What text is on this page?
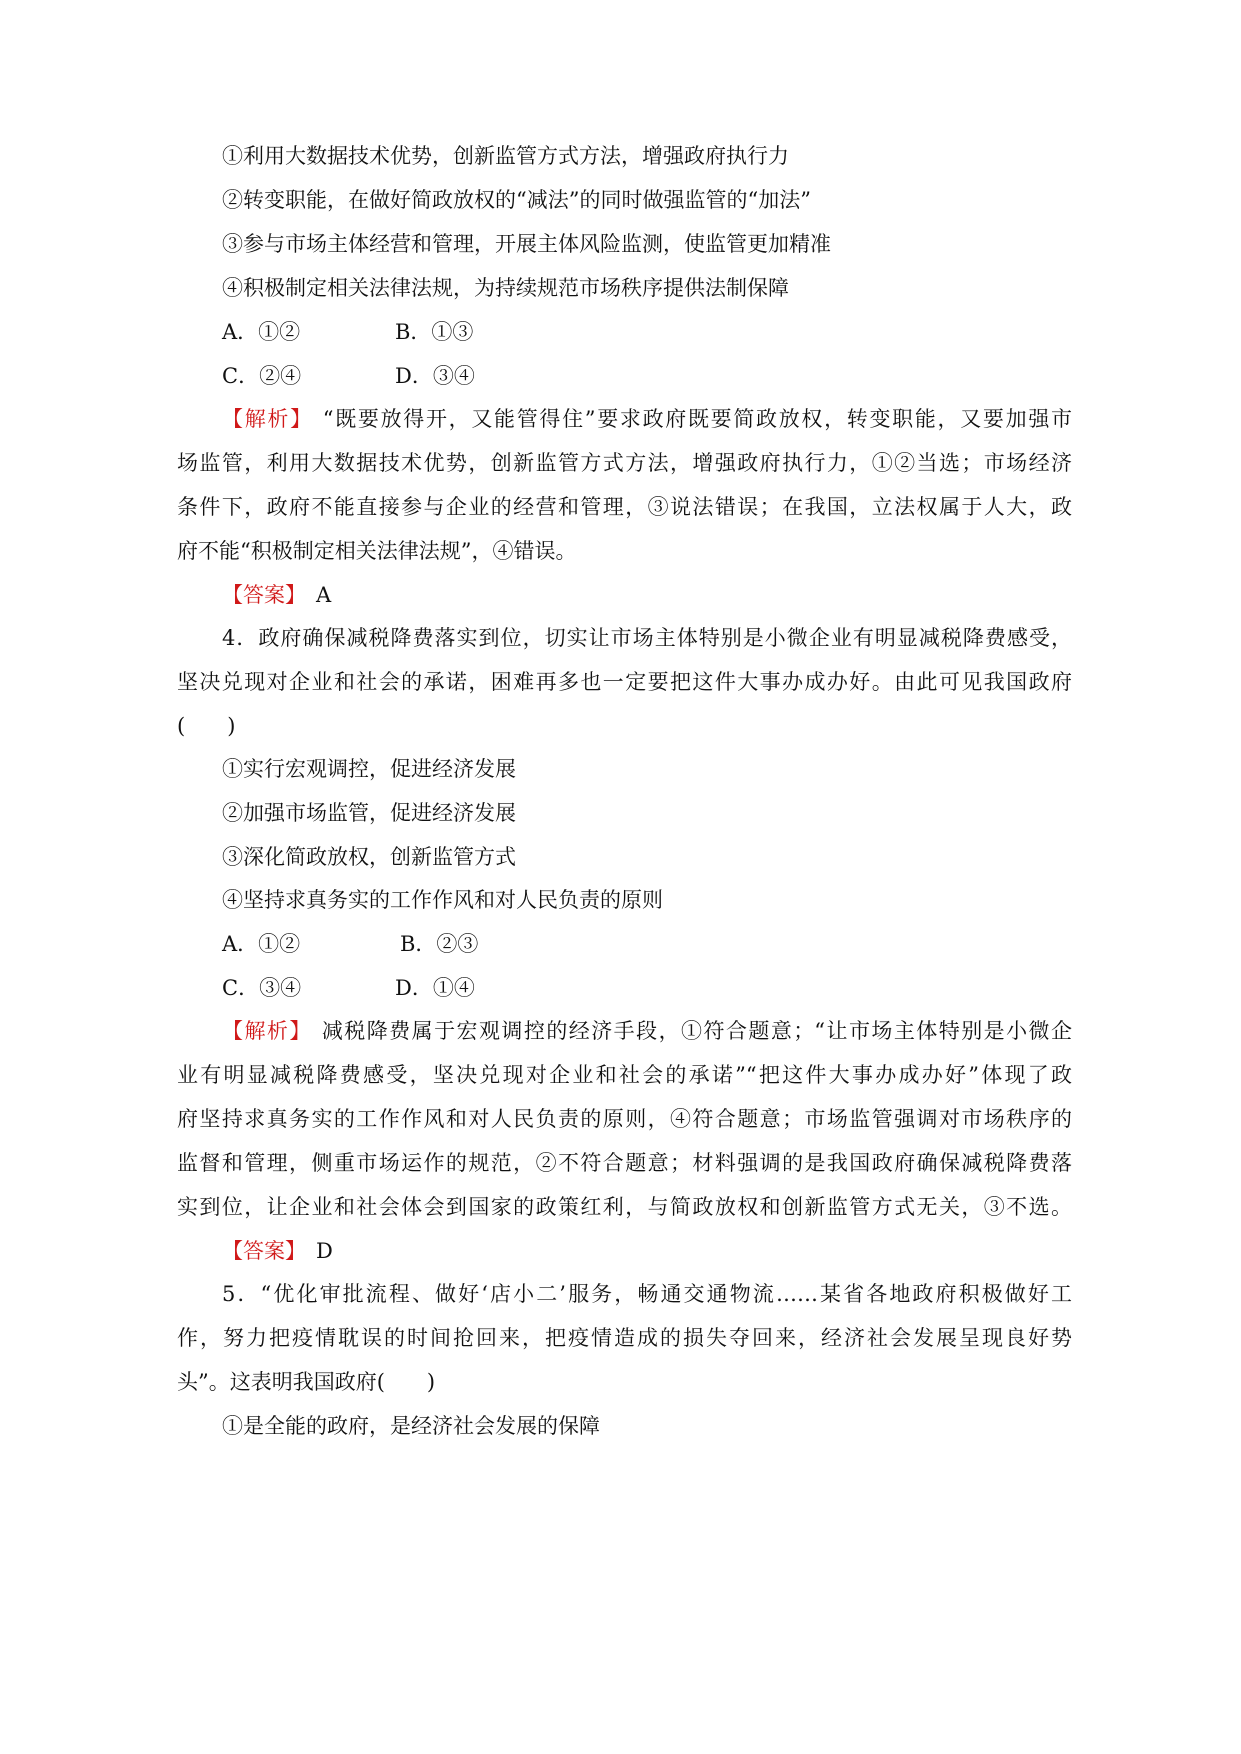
①利用大数据技术优势，创新监管方式方法，增强政府执行力
②转变职能，在做好简政放权的“减法”的同时做强监管的“加法”
③参与市场主体经营和管理，开展主体风险监测，使监管更加精准
④积极制定相关法律法规，为持续规范市场秩序提供法制保障
A．①②	B．①③
C．②④	D．③④
【解析】 “既要放得开，又能管得住”要求政府既要简政放权，转变职能，又要加强市
场监管，利用大数据技术优势，创新监管方式方法，增强政府执行力，①②当选；市场经济
条件下，政府不能直接参与企业的经营和管理，③说法错误；在我国，立法权属于人大，政
府不能“积极制定相关法律法规”，④错误。
【答案】 A
4．政府确保减税降费落实到位，切实让市场主体特别是小微企业有明显减税降费感受，
坚决兑现对企业和社会的承诺，困难再多也一定要把这件大事办成办好。由此可见我国政府
(　　)
①实行宏观调控，促进经济发展
②加强市场监管，促进经济发展
③深化简政放权，创新监管方式
④坚持求真务实的工作作风和对人民负责的原则
A．①②	B．②③
C．③④	D．①④
【解析】 减税降费属于宏观调控的经济手段，①符合题意；“让市场主体特别是小微企
业有明显减税降费感受，坚决兑现对企业和社会的承诺”“把这件大事办成办好”体现了政
府坚持求真务实的工作作风和对人民负责的原则，④符合题意；市场监管强调对市场秩序的
监督和管理，侧重市场运作的规范，②不符合题意；材料强调的是我国政府确保减税降费落
实到位，让企业和社会体会到国家的政策红利，与简政放权和创新监管方式无关，③不选。
【答案】 D
5．“优化审批流程、做好‘店小二’服务，畅通交通物流……某省各地政府积极做好工
作，努力把疫情耽误的时间抢回来，把疫情造成的损失夺回来，经济社会发展呈现良好势
头”。这表明我国政府(　　)
①是全能的政府，是经济社会发展的保障
